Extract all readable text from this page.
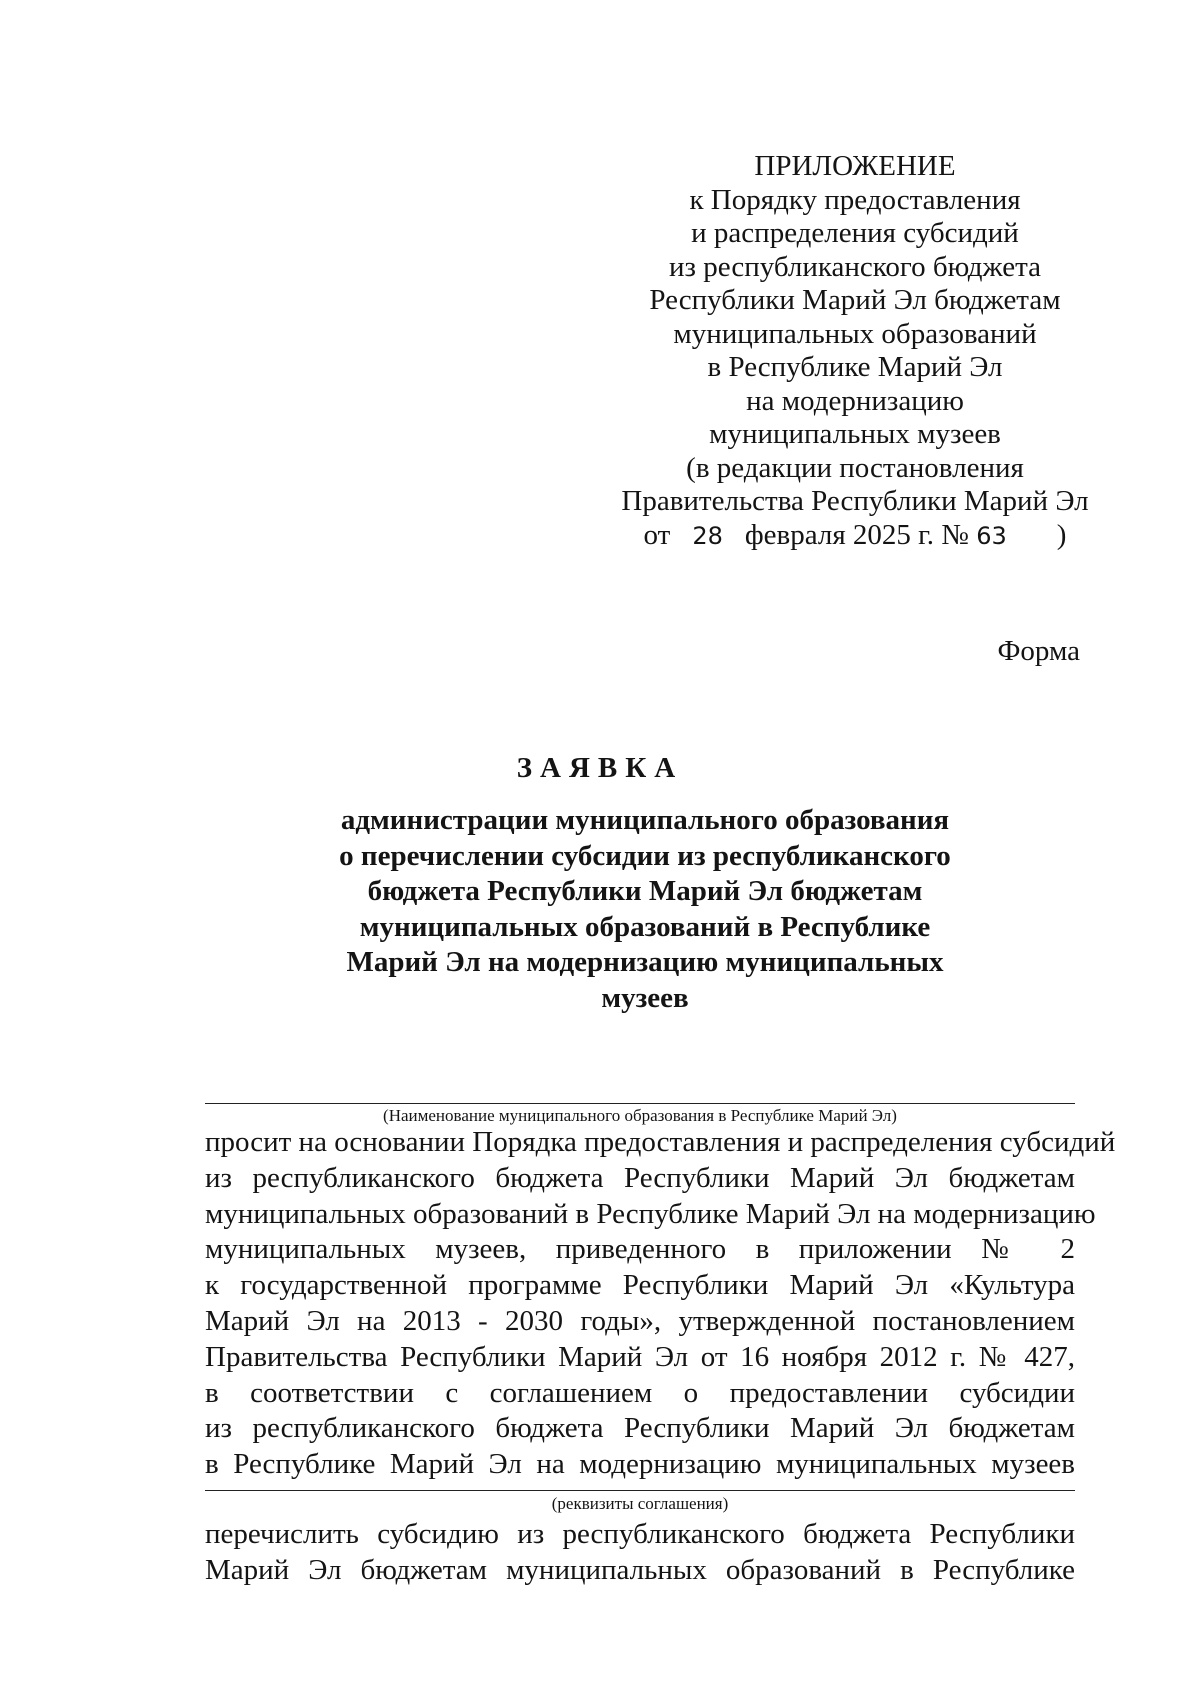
ПРИЛОЖЕНИЕ
к Порядку предоставления
и распределения субсидий
из республиканского бюджета
Республики Марий Эл бюджетам
муниципальных образований
в Республике Марий Эл
на модернизацию
муниципальных музеев
(в редакции постановления
Правительства Республики Марий Эл
от 28 февраля 2025 г. № 63 )
Форма
ЗАЯВКА
администрации муниципального образования
о перечислении субсидии из республиканского
бюджета Республики Марий Эл бюджетам
муниципальных образований в Республике
Марий Эл на модернизацию муниципальных
музеев
(Наименование муниципального образования в Республике Марий Эл)
просит на основании Порядка предоставления и распределения субсидий
из республиканского бюджета Республики Марий Эл бюджетам
муниципальных образований в Республике Марий Эл на модернизацию
муниципальных музеев, приведенного в приложении № 2
к государственной программе Республики Марий Эл «Культура
Марий Эл на 2013 - 2030 годы», утвержденной постановлением
Правительства Республики Марий Эл от 16 ноября 2012 г. № 427,
в соответствии с соглашением о предоставлении субсидии
из республиканского бюджета Республики Марий Эл бюджетам
в Республике Марий Эл на модернизацию муниципальных музеев
(реквизиты соглашения)
перечислить субсидию из республиканского бюджета Республики
Марий Эл бюджетам муниципальных образований в Республике
